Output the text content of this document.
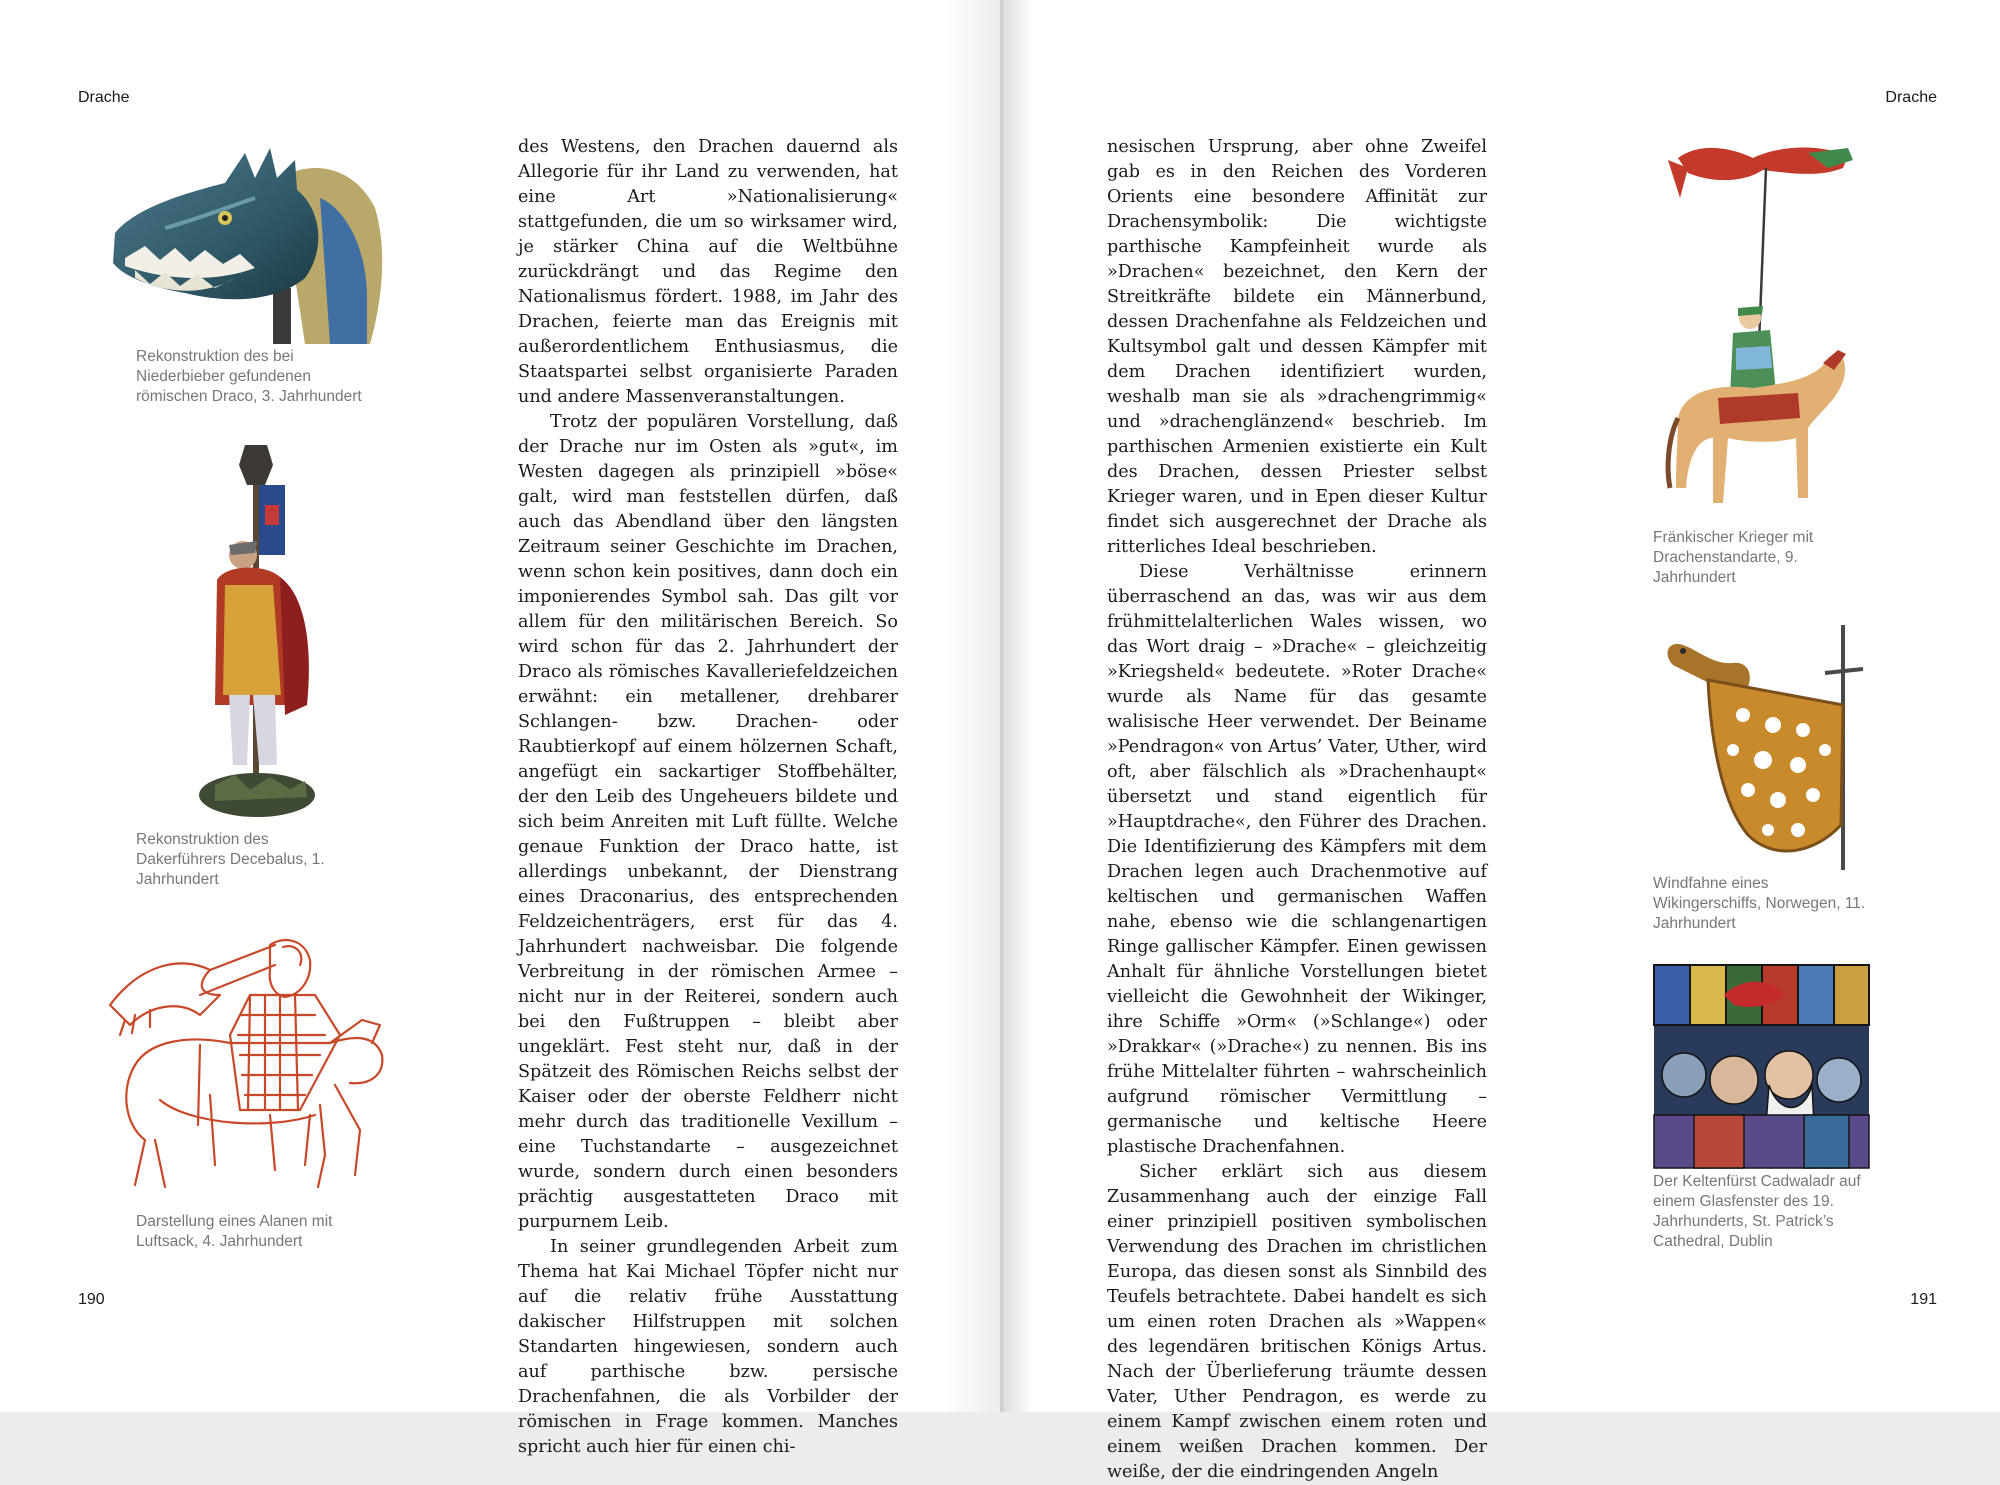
Drache
Rekonstruktion des bei Niederbieber gefundenen römischen Draco, 3. Jahrhundert
Rekonstruktion des Dakerführers Decebalus, 1. Jahrhundert
Darstellung eines Alanen mit Luftsack, 4. Jahrhundert

des Westens, den Drachen dauernd als Allegorie für ihr Land zu verwenden, hat eine Art »Nationalisierung« stattgefunden, die um so wirksamer wird, je stärker China auf die Weltbühne zurückdrängt und das Regime den Nationalismus fördert. 1988, im Jahr des Drachen, feierte man das Ereignis mit außerordentlichem Enthusiasmus, die Staatspartei selbst organisierte Paraden und andere Massenveranstaltungen.

Trotz der populären Vorstellung, daß der Drache nur im Osten als »gut«, im Westen dagegen als prinzipiell »böse« galt, wird man feststellen dürfen, daß auch das Abendland über den längsten Zeitraum seiner Geschichte im Drachen, wenn schon kein positives, dann doch ein imponierendes Symbol sah. Das gilt vor allem für den militärischen Bereich. So wird schon für das 2. Jahrhundert der Draco als römisches Kavalleriefeldzeichen erwähnt: ein metallener, drehbarer Schlangen- bzw. Drachen- oder Raubtierkopf auf einem hölzernen Schaft, angefügt ein sackartiger Stoffbehälter, der den Leib des Ungeheuers bildete und sich beim Anreiten mit Luft füllte. Welche genaue Funktion der Draco hatte, ist allerdings unbekannt, der Dienstrang eines Draconarius, des entsprechenden Feldzeichenträgers, erst für das 4. Jahrhundert nachweisbar. Die folgende Verbreitung in der römischen Armee – nicht nur in der Reiterei, sondern auch bei den Fußtruppen – bleibt aber ungeklärt. Fest steht nur, daß in der Spätzeit des Römischen Reichs selbst der Kaiser oder der oberste Feldherr nicht mehr durch das traditionelle Vexillum – eine Tuchstandarte – ausgezeichnet wurde, sondern durch einen besonders prächtig ausgestatteten Draco mit purpurnem Leib.

In seiner grundlegenden Arbeit zum Thema hat Kai Michael Töpfer nicht nur auf die relativ frühe Ausstattung dakischer Hilfstruppen mit solchen Standarten hingewiesen, sondern auch auf parthische bzw. persische Drachenfahnen, die als Vorbilder der römischen in Frage kommen. Manches spricht auch hier für einen chi-

190
Drache

nesischen Ursprung, aber ohne Zweifel gab es in den Reichen des Vorderen Orients eine besondere Affinität zur Drachensymbolik: Die wichtigste parthische Kampfeinheit wurde als »Drachen« bezeichnet, den Kern der Streitkräfte bildete ein Männerbund, dessen Drachenfahne als Feldzeichen und Kultsymbol galt und dessen Kämpfer mit dem Drachen identifiziert wurden, weshalb man sie als »drachengrimmig« und »drachenglänzend« beschrieb. Im parthischen Armenien existierte ein Kult des Drachen, dessen Priester selbst Krieger waren, und in Epen dieser Kultur findet sich ausgerechnet der Drache als ritterliches Ideal beschrieben.

Diese Verhältnisse erinnern überraschend an das, was wir aus dem frühmittelalterlichen Wales wissen, wo das Wort draig – »Drache« – gleichzeitig »Kriegsheld« bedeutete. »Roter Drache« wurde als Name für das gesamte walisische Heer verwendet. Der Beiname »Pendragon« von Artus’ Vater, Uther, wird oft, aber fälschlich als »Drachenhaupt« übersetzt und stand eigentlich für »Hauptdrache«, den Führer des Drachen. Die Identifizierung des Kämpfers mit dem Drachen legen auch Drachenmotive auf keltischen und germanischen Waffen nahe, ebenso wie die schlangenartigen Ringe gallischer Kämpfer. Einen gewissen Anhalt für ähnliche Vorstellungen bietet vielleicht die Gewohnheit der Wikinger, ihre Schiffe »Orm« (»Schlange«) oder »Drakkar« (»Drache«) zu nennen. Bis ins frühe Mittelalter führten – wahrscheinlich aufgrund römischer Vermittlung – germanische und keltische Heere plastische Drachenfahnen.

Sicher erklärt sich aus diesem Zusammenhang auch der einzige Fall einer prinzipiell positiven symbolischen Verwendung des Drachen im christlichen Europa, das diesen sonst als Sinnbild des Teufels betrachtete. Dabei handelt es sich um einen roten Drachen als »Wappen« des legendären britischen Königs Artus. Nach der Überlieferung träumte dessen Vater, Uther Pendragon, es werde zu einem Kampf zwischen einem roten und einem weißen Drachen kommen. Der weiße, der die eindringenden Angeln

Fränkischer Krieger mit Drachenstandarte, 9. Jahrhundert
Windfahne eines Wikingerschiffs, Norwegen, 11. Jahrhundert
Der Keltenfürst Cadwaladr auf einem Glasfenster des 19. Jahrhunderts, St. Patrick’s Cathedral, Dublin
191
